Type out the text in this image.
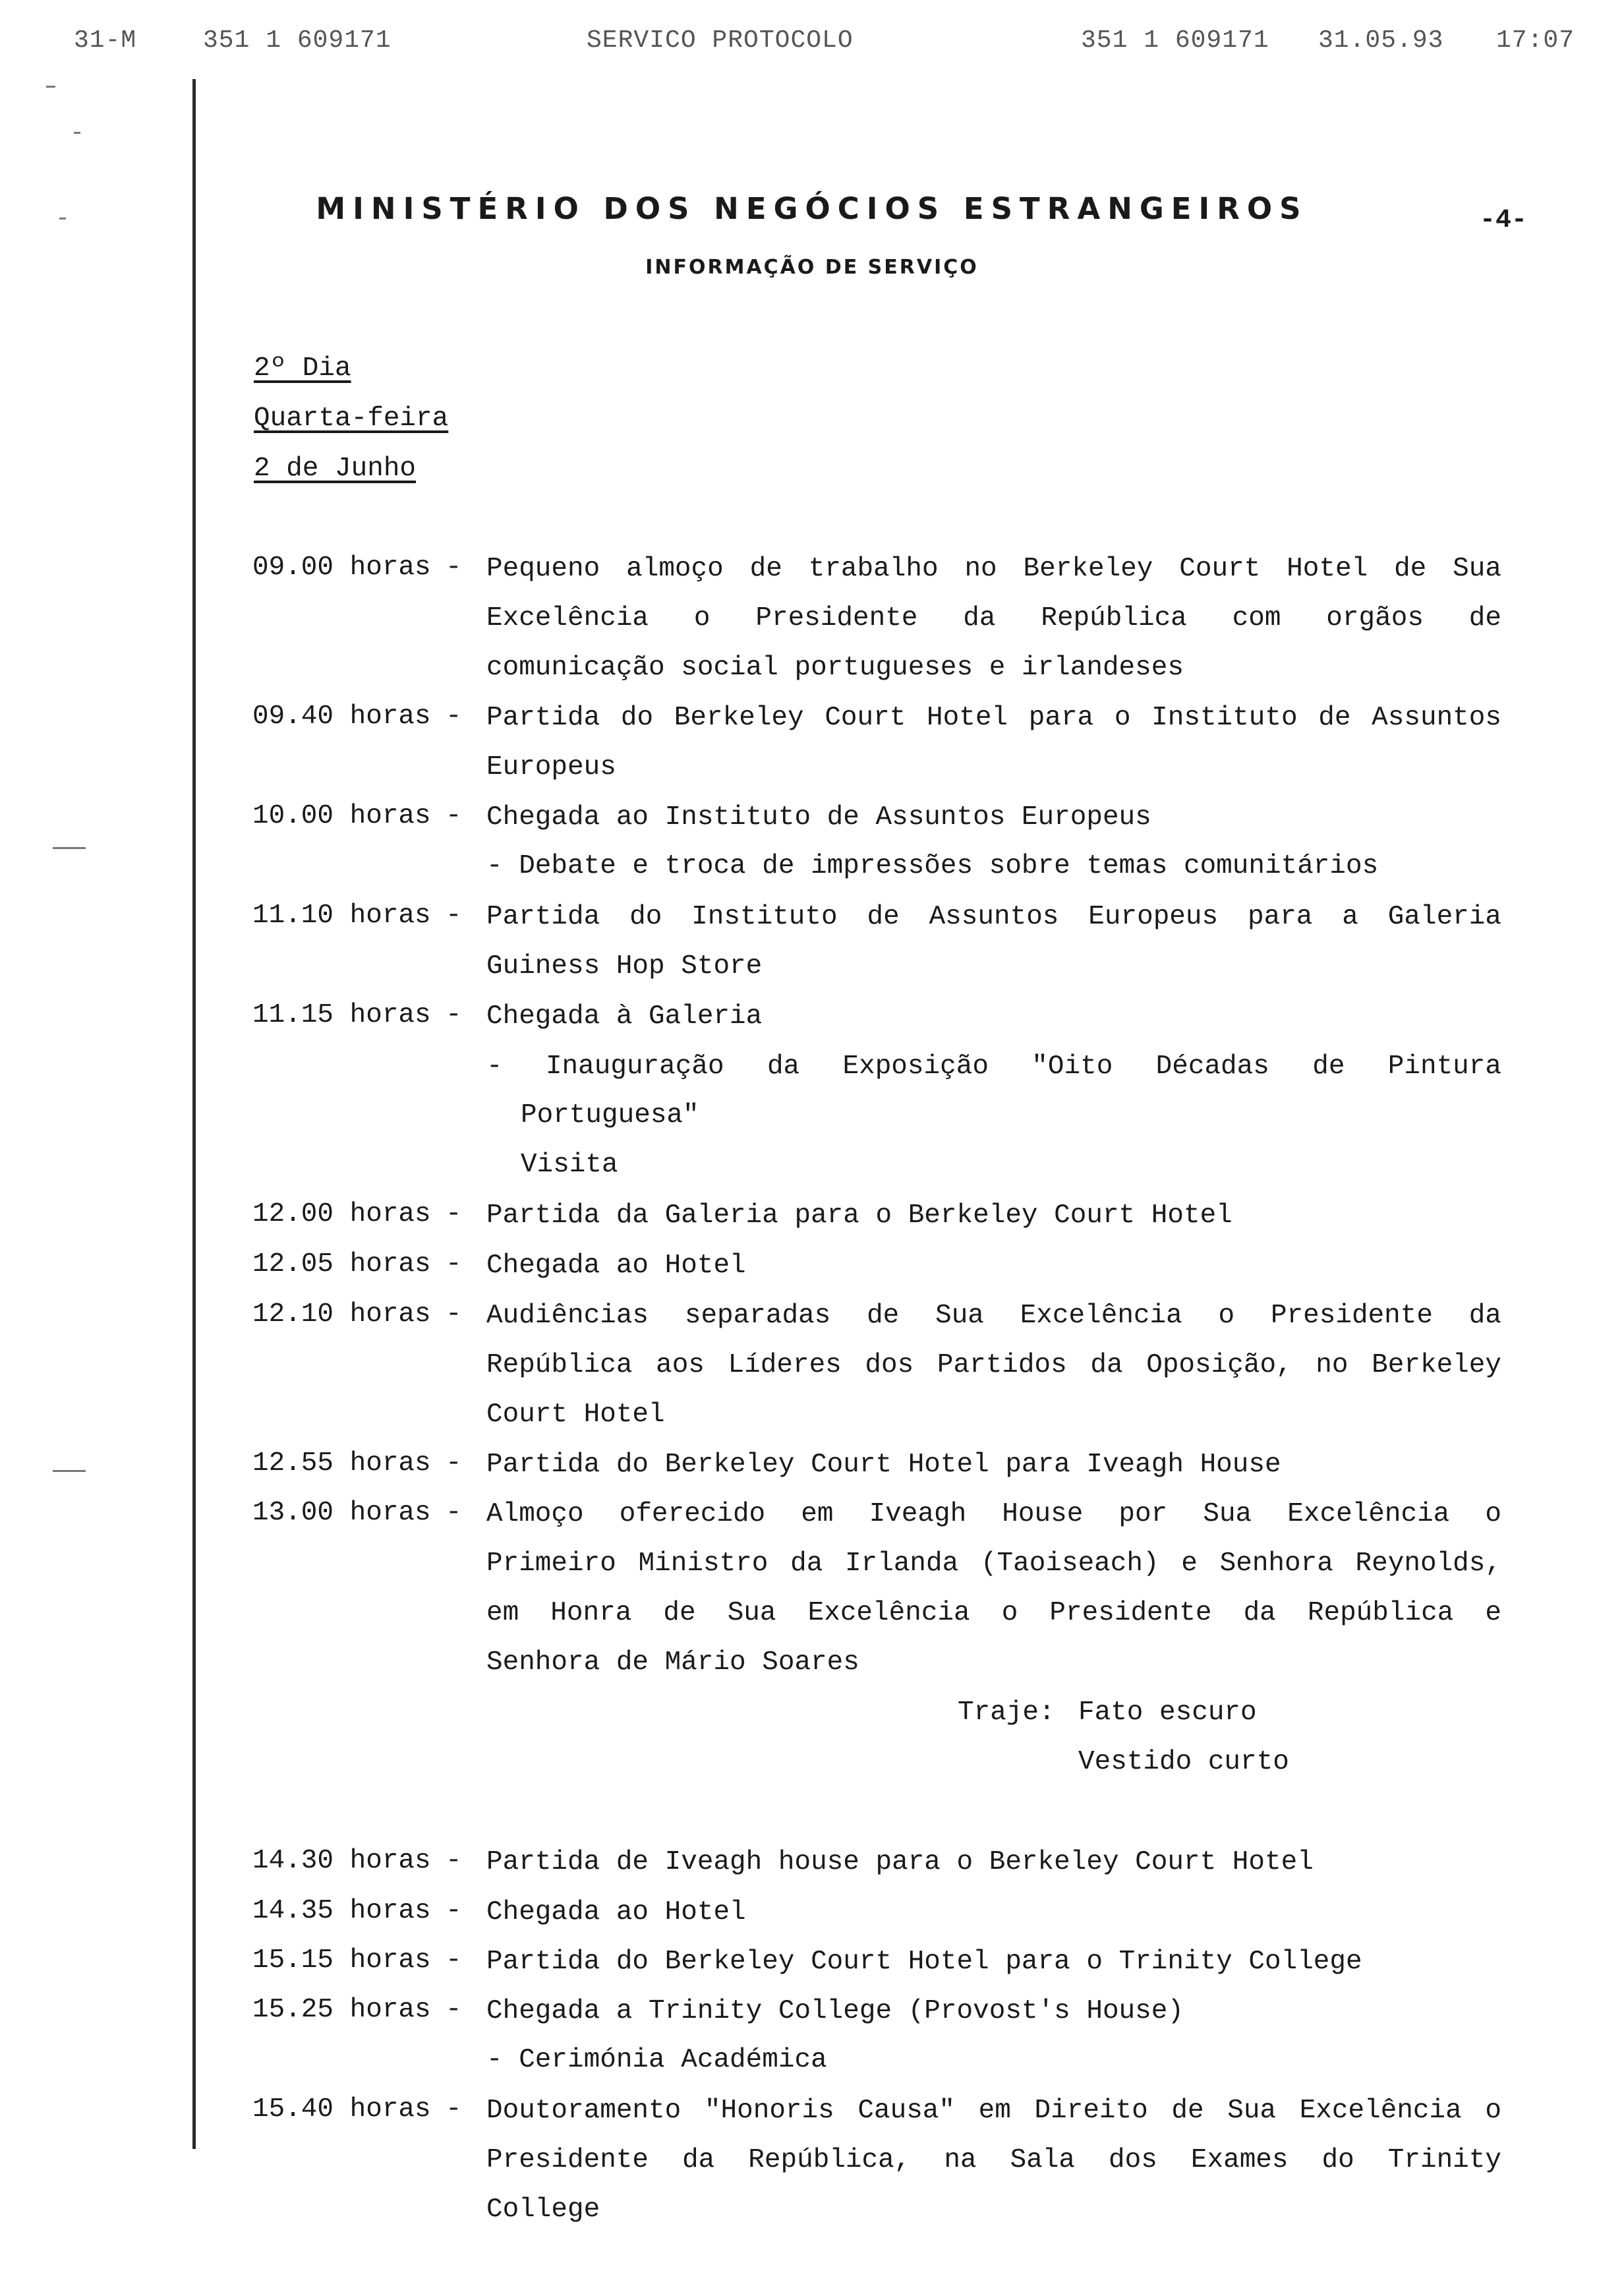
31-M	351 1 609171	SERVICO PROTOCOLO	351 1 609171 31.05.93 17:07
MINISTÉRIO DOS NEGÓCIOS ESTRANGEIROS	-4-
INFORMAÇÃO DE SERVIÇO
2º Dia
Quarta-feira
2 de Junho
09.00 horas - Pequeno almoço de trabalho no Berkeley Court Hotel de Sua
Excelência o Presidente da República com orgãos de
comunicação social portugueses e irlandeses
09.40 horas - Partida do Berkeley Court Hotel para o Instituto de Assuntos
Europeus
10.00 horas - Chegada ao Instituto de Assuntos Europeus
- Debate e troca de impressões sobre temas comunitários
11.10 horas - Partida do Instituto de Assuntos Europeus para a Galeria
Guiness Hop Store
11.15 horas - Chegada à Galeria
- Inauguração da Exposição "Oito Décadas de Pintura
Portuguesa"
Visita
12.00 horas - Partida da Galeria para o Berkeley Court Hotel
12.05 horas - Chegada ao Hotel
12.10 horas - Audiências separadas de Sua Excelência o Presidente da
República aos Líderes dos Partidos da Oposição, no Berkeley
Court Hotel
12.55 horas - Partida do Berkeley Court Hotel para Iveagh House
13.00 horas - Almoço oferecido em Iveagh House por Sua Excelência o
Primeiro Ministro da Irlanda (Taoiseach) e Senhora Reynolds,
em Honra de Sua Excelência o Presidente da República e
Senhora de Mário Soares
Traje: Fato escuro
Vestido curto
14.30 horas - Partida de Iveagh house para o Berkeley Court Hotel
14.35 horas - Chegada ao Hotel
15.15 horas - Partida do Berkeley Court Hotel para o Trinity College
15.25 horas - Chegada a Trinity College (Provost's House)
- Cerimónia Académica
15.40 horas - Doutoramento "Honoris Causa" em Direito de Sua Excelência o
Presidente da República, na Sala dos Exames do Trinity
College
